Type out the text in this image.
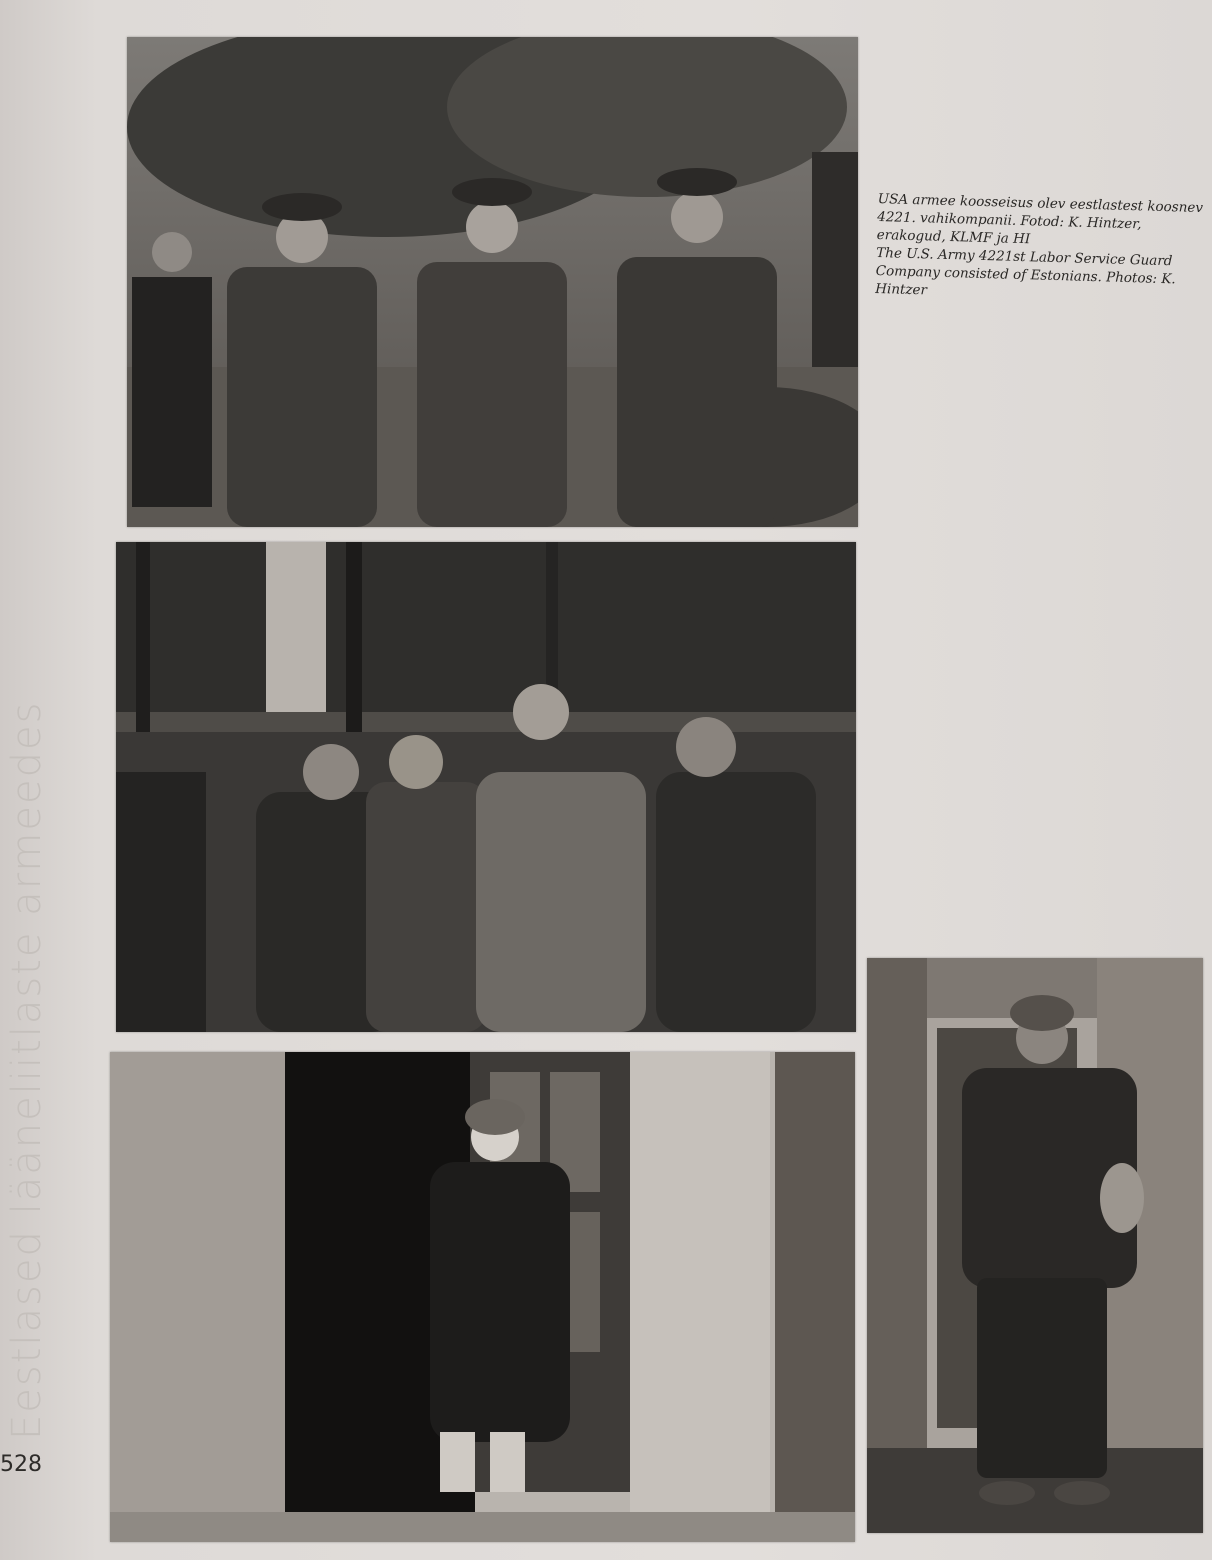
USA armee koosseisus olev eestlastest koosnev 4221. vahikompanii. Fotod: K. Hintzer, erakogud, KLMF ja HI

The U.S. Army 4221st Labor Service Guard Company consisted of Estonians. Photos: K. Hintzer

Eestlased lääneliitlaste armeedes
528
